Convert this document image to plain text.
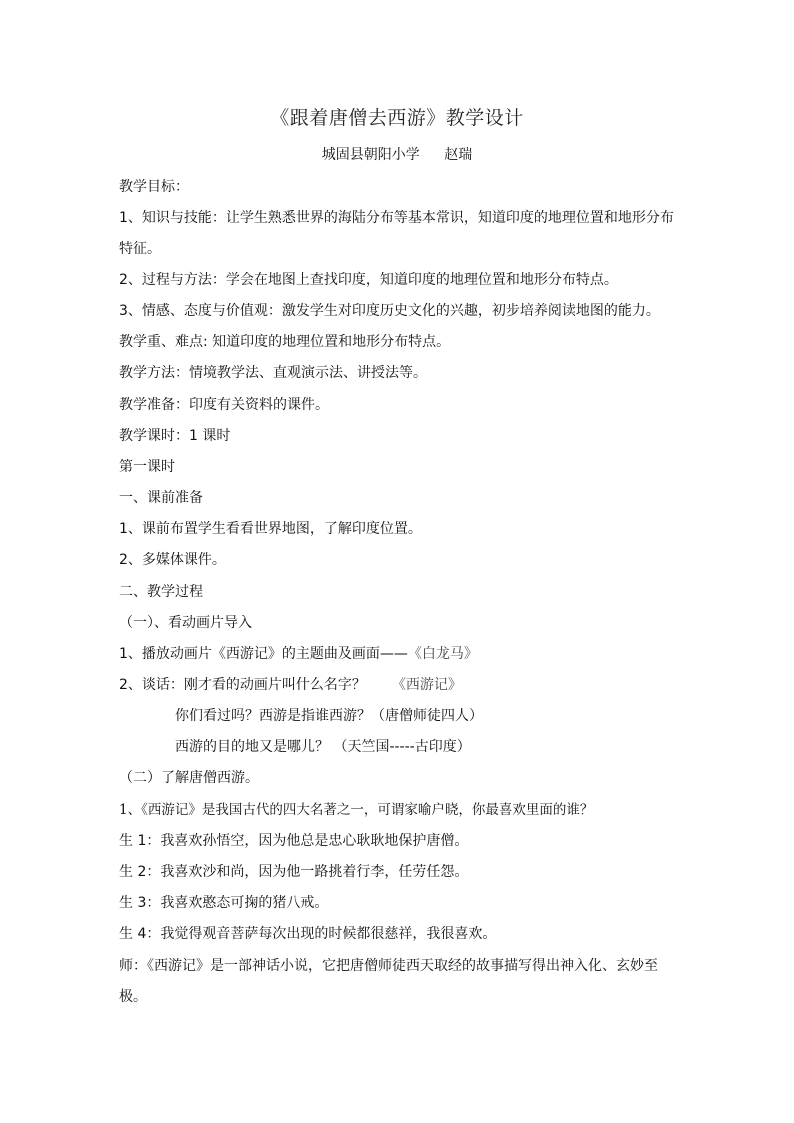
《跟着唐僧去西游》教学设计
城固县朝阳小学 赵瑞
教学目标：
1、知识与技能：让学生熟悉世界的海陆分布等基本常识，知道印度的地理位置和地形分布
特征。
2、过程与方法：学会在地图上查找印度，知道印度的地理位置和地形分布特点。
3、情感、态度与价值观：激发学生对印度历史文化的兴趣，初步培养阅读地图的能力。
教学重、难点: 知道印度的地理位置和地形分布特点。
教学方法：情境教学法、直观演示法、讲授法等。
教学准备：印度有关资料的课件。
教学课时：1 课时
第一课时
一、课前准备
1、课前布置学生看看世界地图，了解印度位置。
2、多媒体课件。
二、教学过程
（一）、看动画片导入
1、播放动画片《西游记》的主题曲及画面——《白龙马》
2、谈话：刚才看的动画片叫什么名字？ 《西游记》
你们看过吗？西游是指谁西游？（唐僧师徒四人）
西游的目的地又是哪儿？ （天竺国-----古印度）
（二）了解唐僧西游。
1、《西游记》是我国古代的四大名著之一，可谓家喻户晓，你最喜欢里面的谁？
生 1：我喜欢孙悟空，因为他总是忠心耿耿地保护唐僧。
生 2：我喜欢沙和尚，因为他一路挑着行李，任劳任怨。
生 3：我喜欢憨态可掬的猪八戒。
生 4：我觉得观音菩萨每次出现的时候都很慈祥，我很喜欢。
师：《西游记》是一部神话小说，它把唐僧师徒西天取经的故事描写得出神入化、玄妙至
极。
